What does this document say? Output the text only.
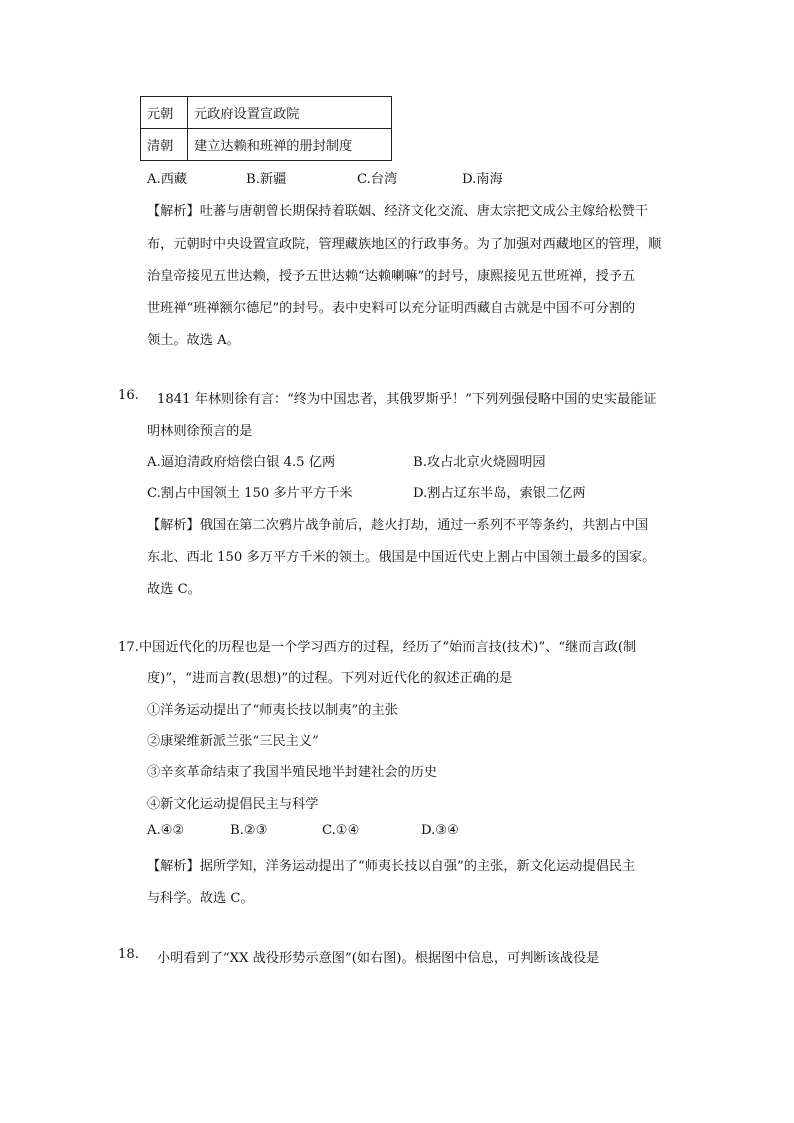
元朝	元政府设置宣政院
清朝	建立达赖和班禅的册封制度
A.西藏	B.新疆	C.台湾	D.南海
【解析】吐蕃与唐朝曾长期保持着联姻、经济文化交流、唐太宗把文成公主嫁给松赞干
布，元朝时中央设置宣政院，管理藏族地区的行政事务。为了加强对西藏地区的管理，顺
治皇帝接见五世达赖，授予五世达赖“达赖喇嘛”的封号，康熙接见五世班禅，授予五
世班禅“班禅额尔德尼”的封号。表中史料可以充分证明西藏自古就是中国不可分割的
领土。故选 A。
16. 1841 年林则徐有言：“终为中国忠者，其俄罗斯乎！”下列列强侵略中国的史实最能证
明林则徐预言的是
A.逼迫清政府焙偿白银 4.5 亿两	B.攻占北京火烧圆明园
C.割占中国领土 150 多片平方千米	D.割占辽东半岛，索银二亿两
【解析】俄国在第二次鸦片战争前后，趁火打劫，通过一系列不平等条约，共割占中国
东北、西北 150 多万平方千米的领土。俄国是中国近代史上割占中国领土最多的国家。
故选 C。
17.中国近代化的历程也是一个学习西方的过程，经历了“始而言技(技术)”、“继而言政(制
度)”，“进而言教(思想)”的过程。下列对近代化的叙述正确的是
①洋务运动提出了“师夷长技以制夷”的主张
②康梁维新派兰张“三民主义”
③辛亥革命结束了我国半殖民地半封建社会的历史
④新文化运动提倡民主与科学
A.④②	B.②③	C.①④	D.③④
【解析】据所学知，洋务运动提出了“师夷长技以自强”的主张，新文化运动提倡民主
与科学。故选 C。
18. 小明看到了“XX 战役形势示意图”(如右图)。根据图中信息，可判断该战役是
